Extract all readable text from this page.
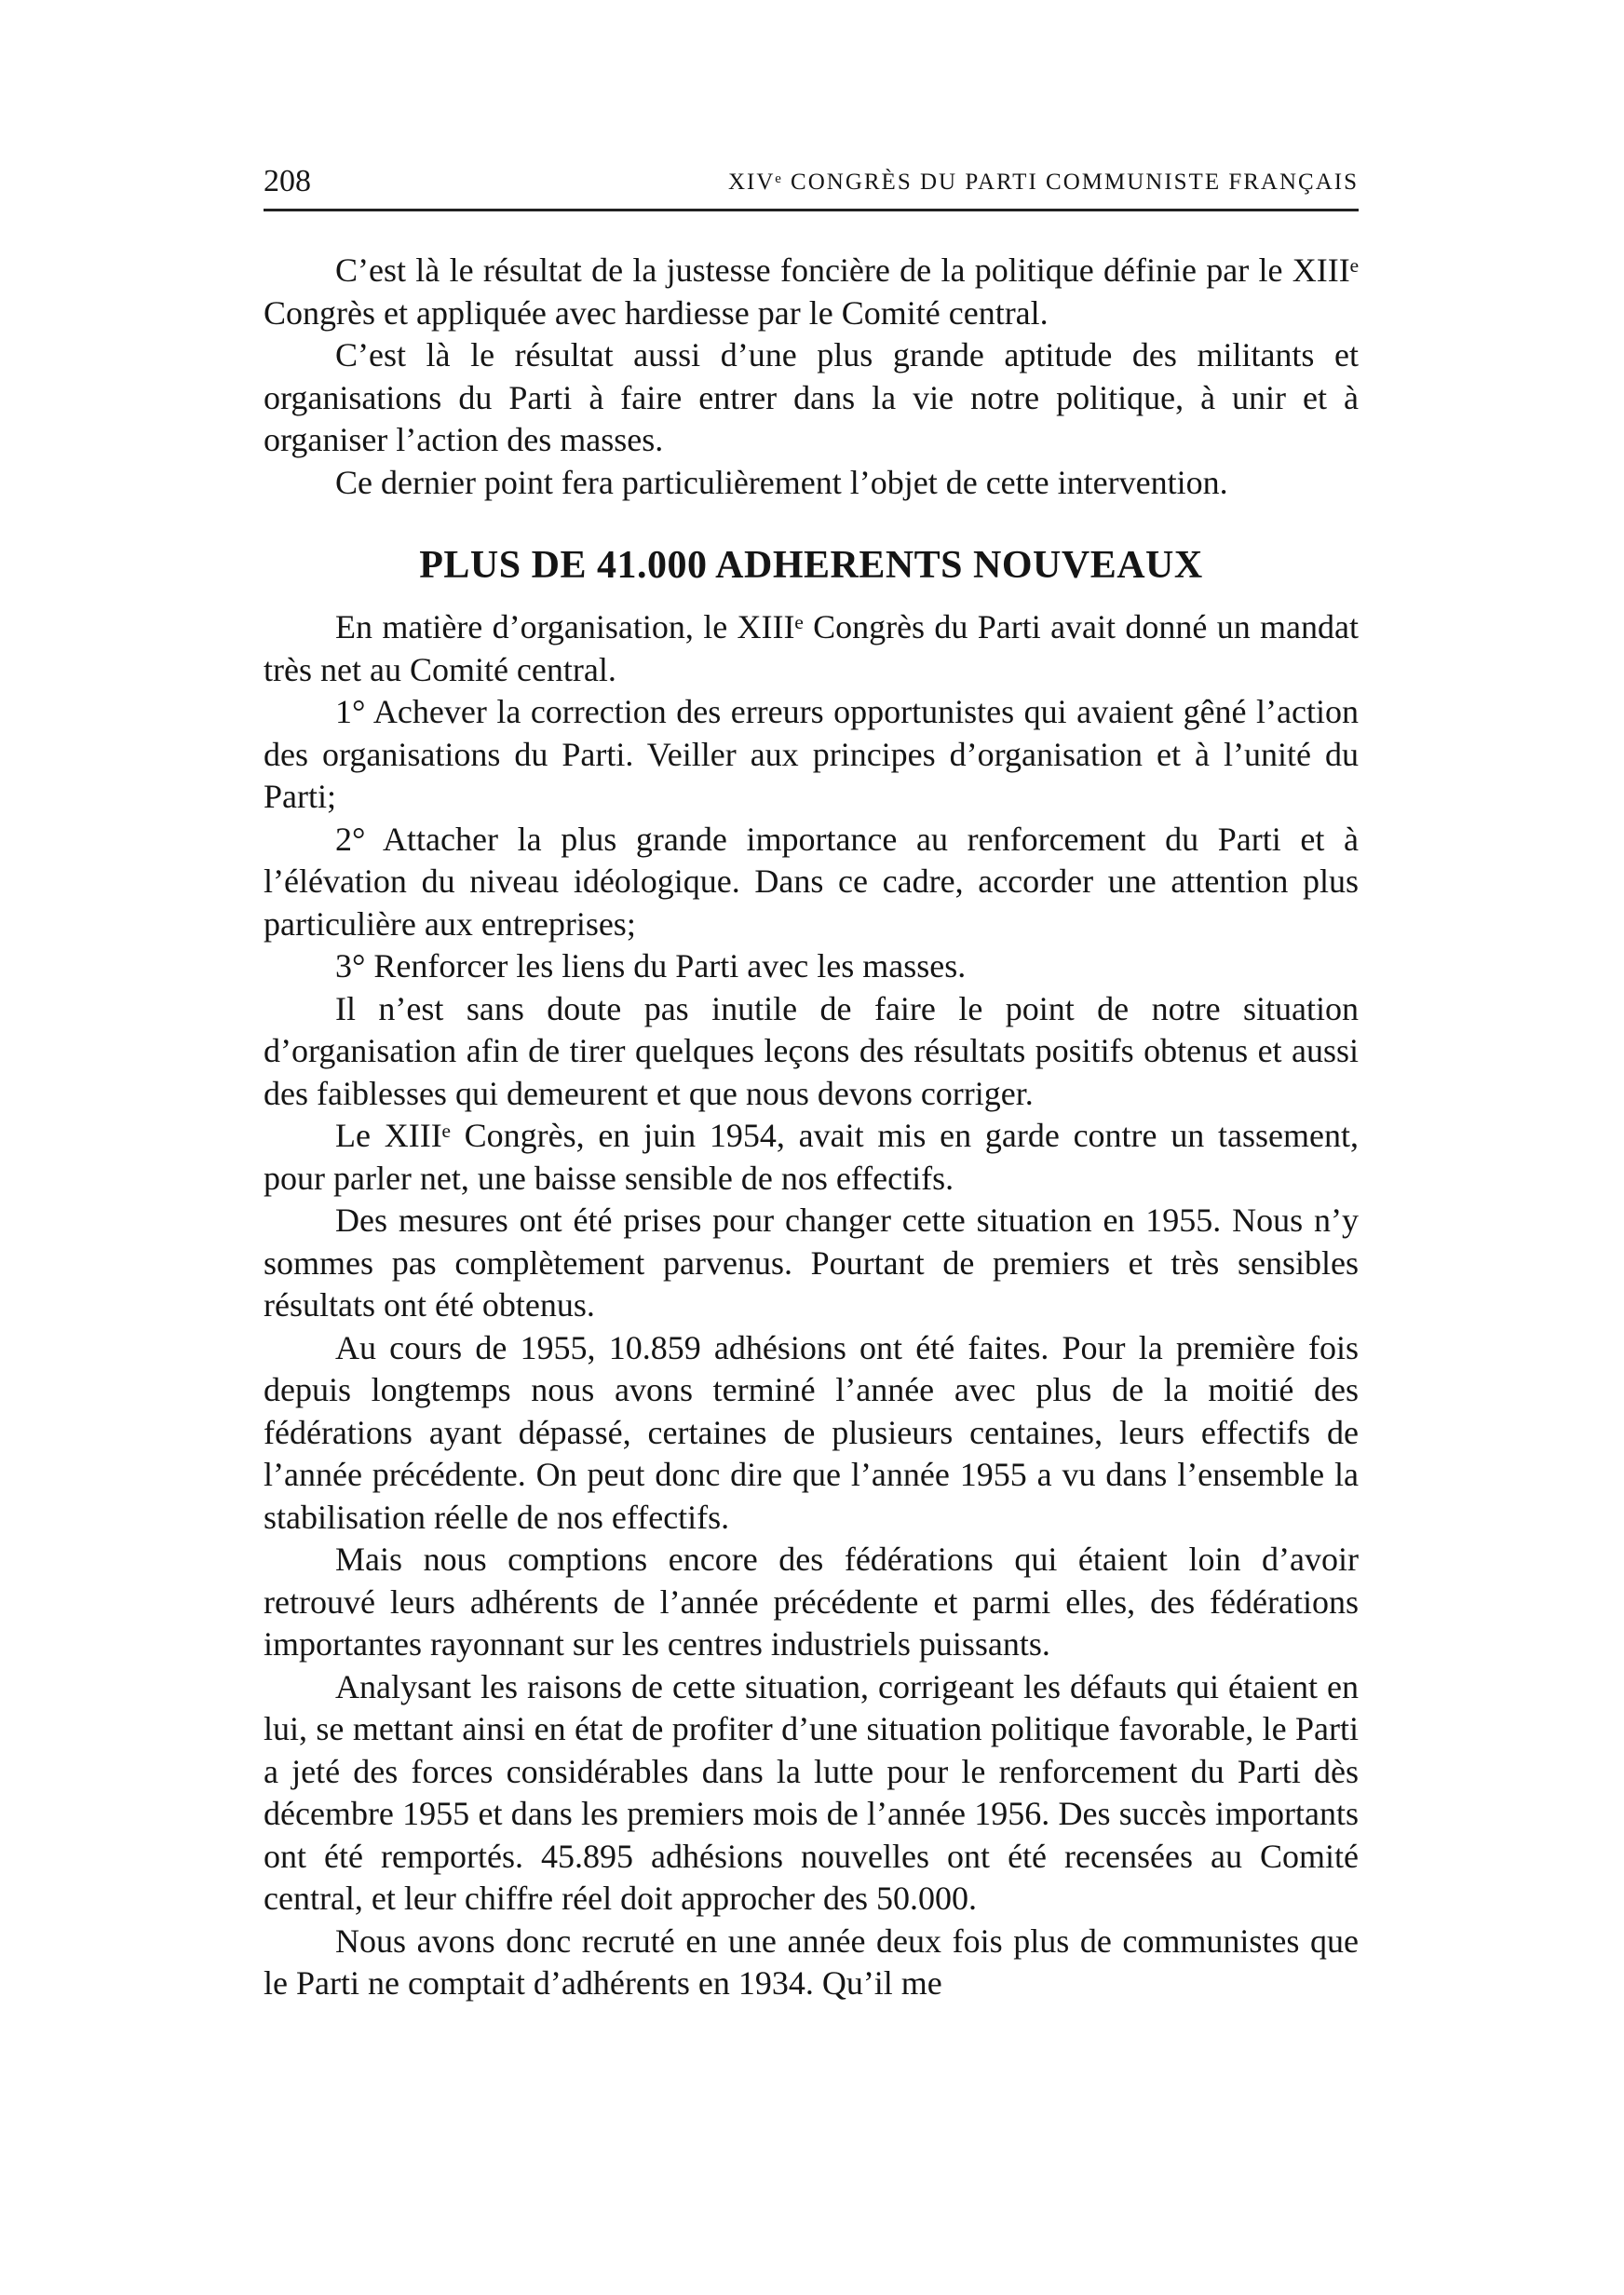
208	XIVᵉ CONGRÈS DU PARTI COMMUNISTE FRANÇAIS

C’est là le résultat de la justesse foncière de la politique définie par le XIIIᵉ Congrès et appliquée avec hardiesse par le Comité central.

C’est là le résultat aussi d’une plus grande aptitude des militants et organisations du Parti à faire entrer dans la vie notre politique, à unir et à organiser l’action des masses.

Ce dernier point fera particulièrement l’objet de cette intervention.

PLUS DE 41.000 ADHERENTS NOUVEAUX

En matière d’organisation, le XIIIᵉ Congrès du Parti avait donné un mandat très net au Comité central.

1° Achever la correction des erreurs opportunistes qui avaient gêné l’action des organisations du Parti. Veiller aux principes d’organisation et à l’unité du Parti;

2° Attacher la plus grande importance au renforcement du Parti et à l’élévation du niveau idéologique. Dans ce cadre, accorder une attention plus particulière aux entreprises;

3° Renforcer les liens du Parti avec les masses.

Il n’est sans doute pas inutile de faire le point de notre situation d’organisation afin de tirer quelques leçons des résultats positifs obtenus et aussi des faiblesses qui demeurent et que nous devons corriger.

Le XIIIᵉ Congrès, en juin 1954, avait mis en garde contre un tassement, pour parler net, une baisse sensible de nos effectifs.

Des mesures ont été prises pour changer cette situation en 1955. Nous n’y sommes pas complètement parvenus. Pourtant de premiers et très sensibles résultats ont été obtenus.

Au cours de 1955, 10.859 adhésions ont été faites. Pour la première fois depuis longtemps nous avons terminé l’année avec plus de la moitié des fédérations ayant dépassé, certaines de plusieurs centaines, leurs effectifs de l’année précédente. On peut donc dire que l’année 1955 a vu dans l’ensemble la stabilisation réelle de nos effectifs.

Mais nous comptions encore des fédérations qui étaient loin d’avoir retrouvé leurs adhérents de l’année précédente et parmi elles, des fédérations importantes rayonnant sur les centres industriels puissants.

Analysant les raisons de cette situation, corrigeant les défauts qui étaient en lui, se mettant ainsi en état de profiter d’une situation politique favorable, le Parti a jeté des forces considérables dans la lutte pour le renforcement du Parti dès décembre 1955 et dans les premiers mois de l’année 1956. Des succès importants ont été remportés. 45.895 adhésions nouvelles ont été recensées au Comité central, et leur chiffre réel doit approcher des 50.000.

Nous avons donc recruté en une année deux fois plus de communistes que le Parti ne comptait d’adhérents en 1934. Qu’il me
